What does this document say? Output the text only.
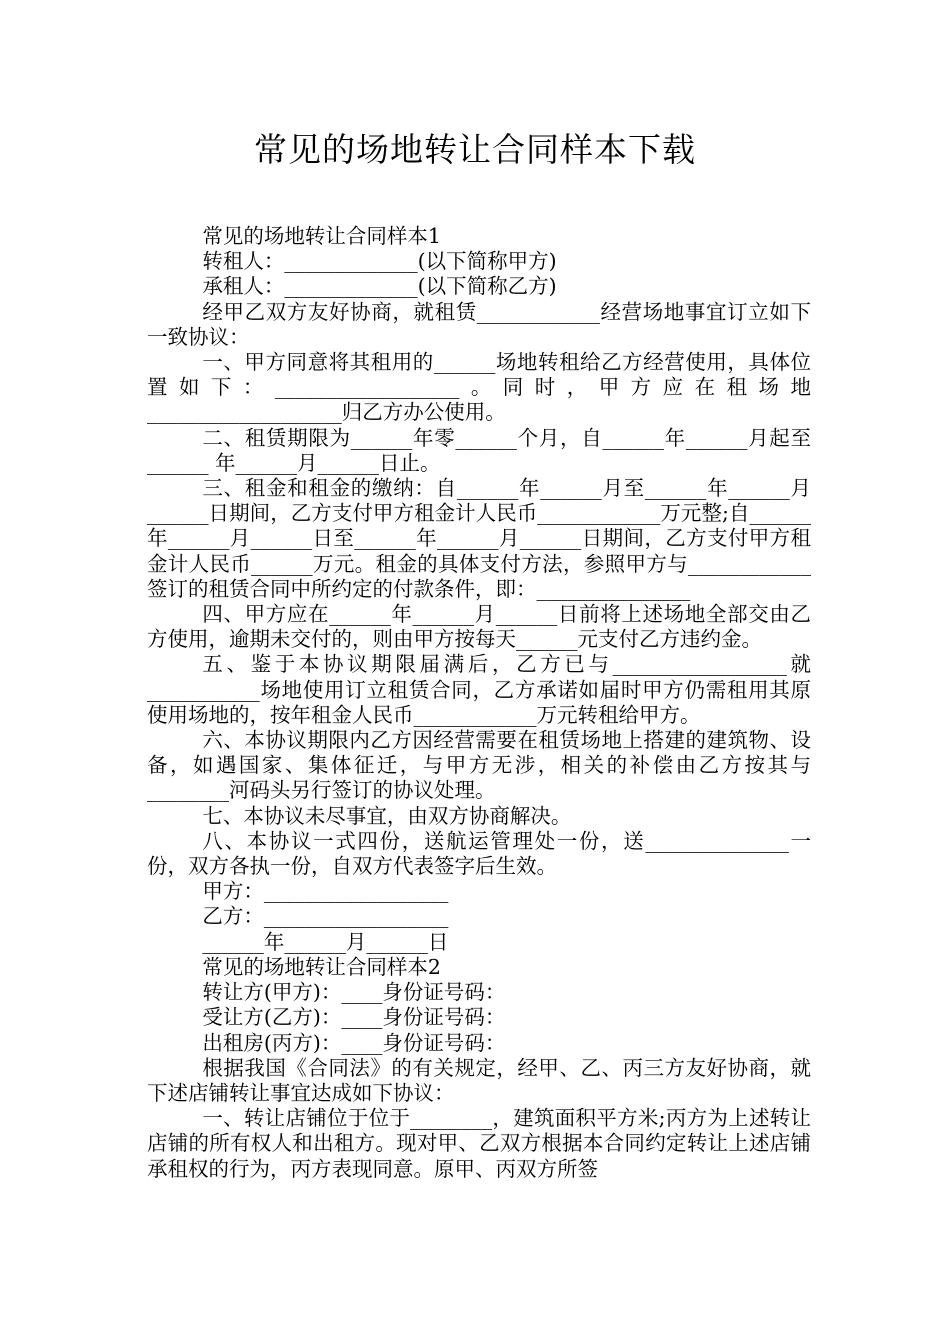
常见的场地转让合同样本下载

常见的场地转让合同样本1

转租人：_____________(以下简称甲方)

承租人：_____________(以下简称乙方)

经甲乙双方友好协商，就租赁____________经营场地事宜订立如下一致协议：

一、甲方同意将其租用的______场地转租给乙方经营使用，具体位置如下：__________________。同时，甲方应在租场地___________________归乙方办公使用。

二、租赁期限为______年零______个月，自______年______月起至______ 年______月______日止。

三、租金和租金的缴纳：自______年______月至______年______月______日期间，乙方支付甲方租金计人民币____________万元整;自______年______月______日至______年______月______日期间，乙方支付甲方租金计人民币______万元。租金的具体支付方法，参照甲方与____________签订的租赁合同中所约定的付款条件，即：_______________

四、甲方应在______年______月______日前将上述场地全部交由乙方使用，逾期未交付的，则由甲方按每天______元支付乙方违约金。

五、鉴于本协议期限届满后，乙方已与_________________就___________场地使用订立租赁合同，乙方承诺如届时甲方仍需租用其原使用场地的，按年租金人民币____________万元转租给甲方。

六、本协议期限内乙方因经营需要在租赁场地上搭建的建筑物、设备，如遇国家、集体征迁，与甲方无涉，相关的补偿由乙方按其与________河码头另行签订的协议处理。

七、本协议未尽事宜，由双方协商解决。

八、本协议一式四份，送航运管理处一份，送______________一份，双方各执一份，自双方代表签字后生效。

甲方：__________________

乙方：__________________

______年______月______日

常见的场地转让合同样本2

转让方(甲方)：____身份证号码：

受让方(乙方)：____身份证号码：

出租房(丙方)：____身份证号码：

根据我国《合同法》的有关规定，经甲、乙、丙三方友好协商，就下述店铺转让事宜达成如下协议：

一、转让店铺位于位于________，建筑面积平方米;丙方为上述转让店铺的所有权人和出租方。现对甲、乙双方根据本合同约定转让上述店铺承租权的行为，丙方表现同意。原甲、丙双方所签
